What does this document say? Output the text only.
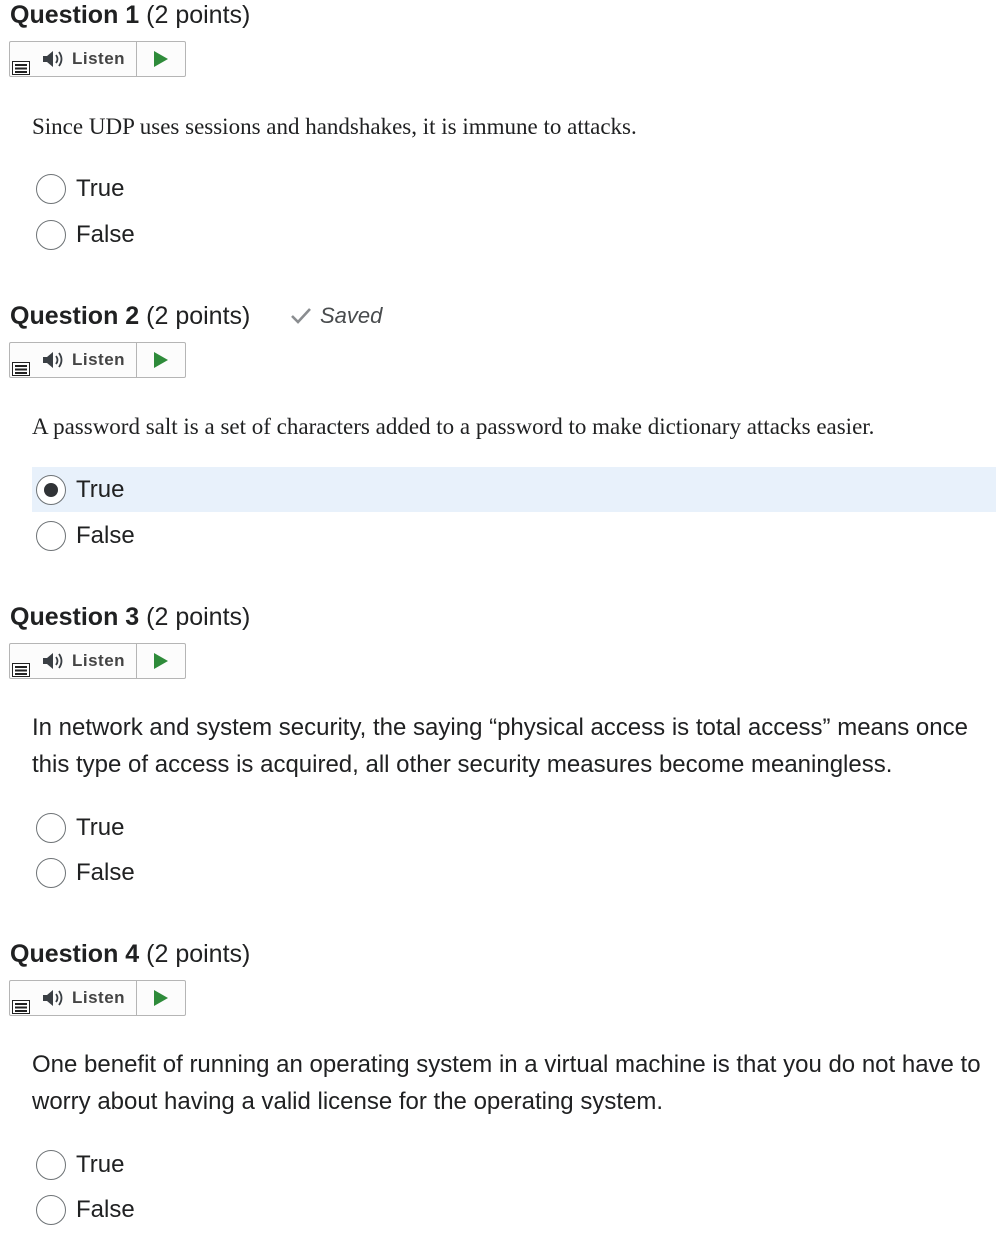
Question 1 (2 points)
Listen
Since UDP uses sessions and handshakes, it is immune to attacks.
True
False
Question 2 (2 points)	Saved
Listen
A password salt is a set of characters added to a password to make dictionary attacks easier.
True
False
Question 3 (2 points)
Listen
In network and system security, the saying “physical access is total access” means once this type of access is acquired, all other security measures become meaningless.
True
False
Question 4 (2 points)
Listen
One benefit of running an operating system in a virtual machine is that you do not have to worry about having a valid license for the operating system.
True
False
